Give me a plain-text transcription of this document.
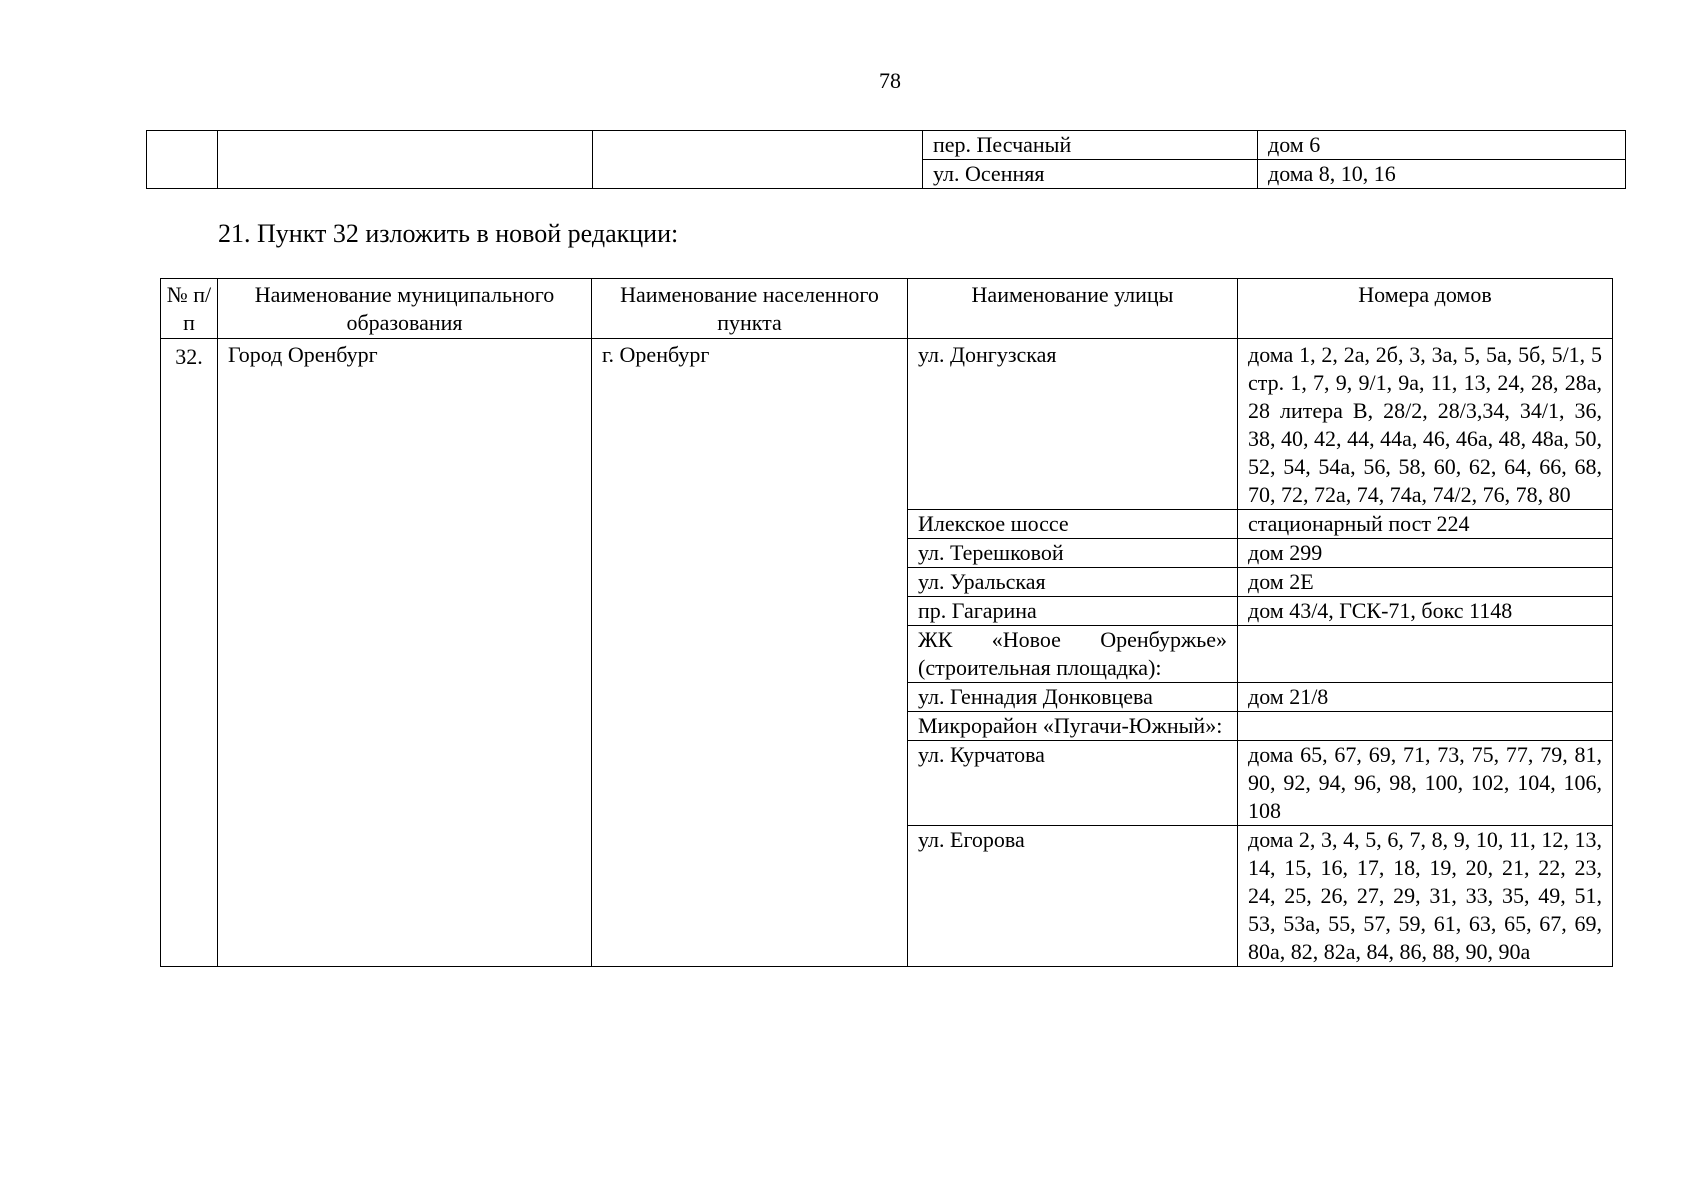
78
			пер. Песчаный	дом 6
			ул. Осенняя	дома 8, 10, 16
21. Пункт 32 изложить в новой редакции:
№ п/п	Наименование муниципального образования	Наименование населенного пункта	Наименование улицы	Номера домов
32.	Город Оренбург	г. Оренбург	ул. Донгузская	дома 1, 2, 2а, 2б, 3, 3а, 5, 5а, 5б, 5/1, 5 стр. 1, 7, 9, 9/1, 9а, 11, 13, 24, 28, 28а, 28 литера В, 28/2, 28/3,34, 34/1, 36, 38, 40, 42, 44, 44а, 46, 46а, 48, 48а, 50, 52, 54, 54а, 56, 58, 60, 62, 64, 66, 68, 70, 72, 72а, 74, 74а, 74/2, 76, 78, 80
			Илекское шоссе	стационарный пост 224
			ул. Терешковой	дом 299
			ул. Уральская	дом 2Е
			пр. Гагарина	дом 43/4, ГСК-71, бокс 1148
			ЖК «Новое Оренбуржье» (строительная площадка):	
			ул. Геннадия Донковцева	дом 21/8
			Микрорайон «Пугачи-Южный»:	
			ул. Курчатова	дома 65, 67, 69, 71, 73, 75, 77, 79, 81, 90, 92, 94, 96, 98, 100, 102, 104, 106, 108
			ул. Егорова	дома 2, 3, 4, 5, 6, 7, 8, 9, 10, 11, 12, 13, 14, 15, 16, 17, 18, 19, 20, 21, 22, 23, 24, 25, 26, 27, 29, 31, 33, 35, 49, 51, 53, 53а, 55, 57, 59, 61, 63, 65, 67, 69, 80а, 82, 82а, 84, 86, 88, 90, 90а
